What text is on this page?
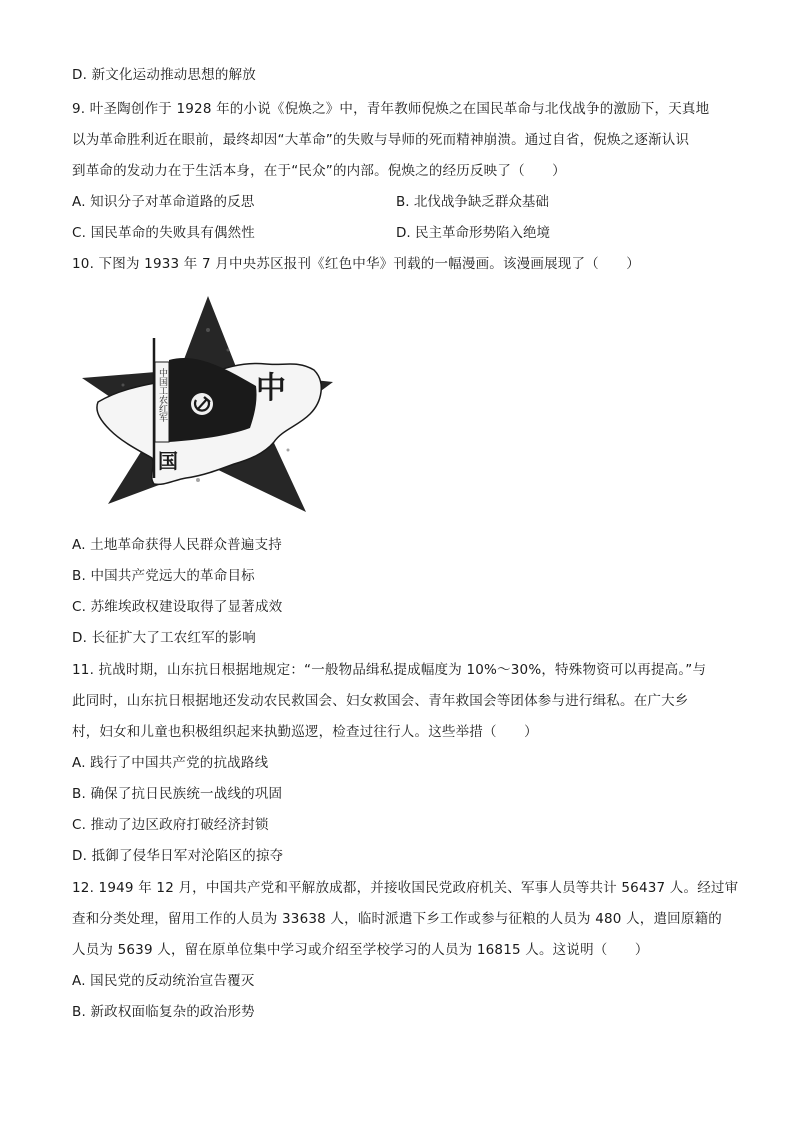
D. 新文化运动推动思想的解放
9. 叶圣陶创作于 1928 年的小说《倪焕之》中，青年教师倪焕之在国民革命与北伐战争的激励下，天真地
以为革命胜利近在眼前，最终却因“大革命”的失败与导师的死而精神崩溃。通过自省，倪焕之逐渐认识
到革命的发动力在于生活本身，在于“民众”的内部。倪焕之的经历反映了（　　）
A. 知识分子对革命道路的反思	B. 北伐战争缺乏群众基础
C. 国民革命的失败具有偶然性	D. 民主革命形势陷入绝境
10. 下图为 1933 年 7 月中央苏区报刊《红色中华》刊载的一幅漫画。该漫画展现了（　　）
中国工农红军	中
国
A. 土地革命获得人民群众普遍支持
B. 中国共产党远大的革命目标
C. 苏维埃政权建设取得了显著成效
D. 长征扩大了工农红军的影响
11. 抗战时期，山东抗日根据地规定：“一般物品缉私提成幅度为 10%～30%，特殊物资可以再提高。”与
此同时，山东抗日根据地还发动农民救国会、妇女救国会、青年救国会等团体参与进行缉私。在广大乡
村，妇女和儿童也积极组织起来执勤巡逻，检查过往行人。这些举措（　　）
A. 践行了中国共产党的抗战路线
B. 确保了抗日民族统一战线的巩固
C. 推动了边区政府打破经济封锁
D. 抵御了侵华日军对沦陷区的掠夺
12. 1949 年 12 月，中国共产党和平解放成都，并接收国民党政府机关、军事人员等共计 56437 人。经过审
查和分类处理，留用工作的人员为 33638 人，临时派遣下乡工作或参与征粮的人员为 480 人，遣回原籍的
人员为 5639 人，留在原单位集中学习或介绍至学校学习的人员为 16815 人。这说明（　　）
A. 国民党的反动统治宣告覆灭
B. 新政权面临复杂的政治形势
